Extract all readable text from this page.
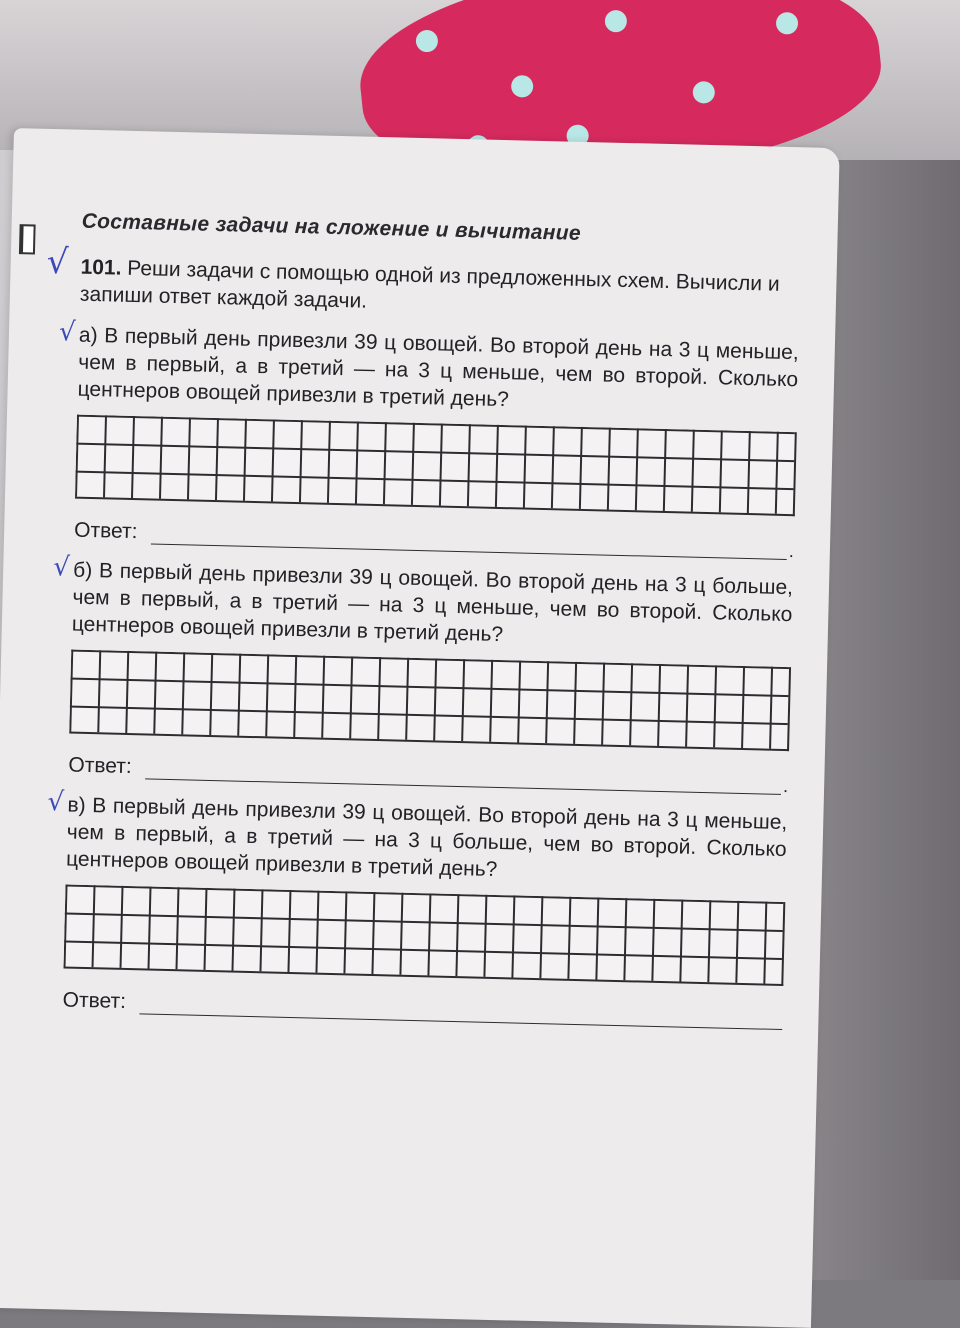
Составные задачи на сложение и вычитание
√ 101. Реши задачи с помощью одной из предложенных схем. Вычисли и запиши ответ каждой задачи.
√ а) В первый день привезли 39 ц овощей. Во второй день на 3 ц меньше, чем в первый, а в третий — на 3 ц меньше, чем во второй. Сколько центнеров овощей привезли в третий день?
Ответ:
.
√ б) В первый день привезли 39 ц овощей. Во второй день на 3 ц больше, чем в первый, а в третий — на 3 ц меньше, чем во второй. Сколько центнеров овощей привезли в третий день?
Ответ:
.
√ в) В первый день привезли 39 ц овощей. Во второй день на 3 ц меньше, чем в первый, а в третий — на 3 ц больше, чем во второй. Сколько центнеров овощей привезли в третий день?
Ответ:
